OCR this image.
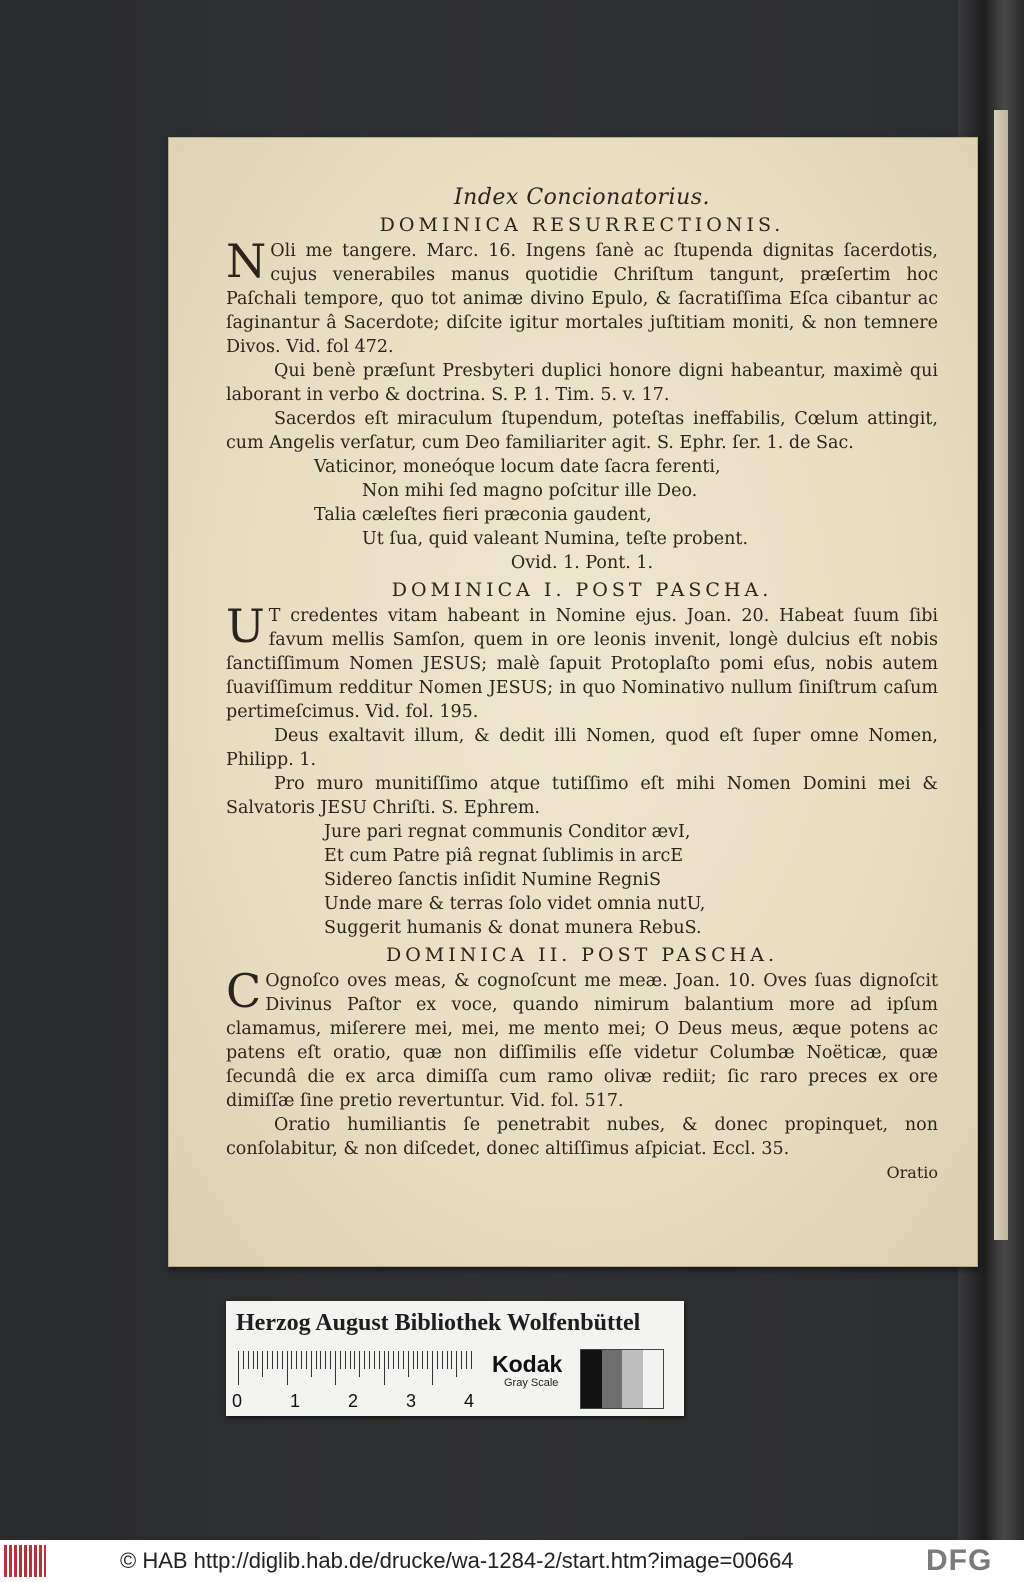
Index Concionatorius.
DOMINICA RESURRECTIONIS.

N Oli me tangere. Marc. 16. Ingens ſanè ac ſtupenda dignitas ſacerdotis, cujus venerabiles manus quotidie Chriſtum tangunt, præſertim hoc Paſchali tempore, quo tot animæ divino Epulo, & ſacratiſſima Eſca cibantur ac ſaginantur â Sacerdote; diſcite igitur mortales juſtitiam moniti, & non temnere Divos. Vid. fol 472.

Qui benè præſunt Presbyteri duplici honore digni habeantur, maximè qui laborant in verbo & doctrina. S. P. 1. Tim. 5. v. 17.

Sacerdos eſt miraculum ſtupendum, poteſtas ineffabilis, Cœlum attingit, cum Angelis verſatur, cum Deo familiariter agit. S. Ephr. ſer. 1. de Sac.

Vaticinor, moneóque locum date ſacra ferenti,
Non mihi ſed magno poſcitur ille Deo.
Talia cæleſtes fieri præconia gaudent,
Ut ſua, quid valeant Numina, teſte probent.
Ovid. 1. Pont. 1.
DOMINICA I. POST PASCHA.

U T credentes vitam habeant in Nomine ejus. Joan. 20. Habeat ſuum ſibi favum mellis Samſon, quem in ore leonis invenit, longè dulcius eſt nobis ſanctiſſimum Nomen JESUS; malè ſapuit Protoplaſto pomi eſus, nobis autem ſuaviſſimum redditur Nomen JESUS; in quo Nominativo nullum ſiniſtrum caſum pertimeſcimus. Vid. fol. 195.

Deus exaltavit illum, & dedit illi Nomen, quod eſt ſuper omne Nomen, Philipp. 1.

Pro muro munitiſſimo atque tutiſſimo eſt mihi Nomen Domini mei & Salvatoris JESU Chriſti. S. Ephrem.

Jure pari regnat communis Conditor ævI,
Et cum Patre piâ regnat ſublimis in arcE
Sidereo ſanctis inſidit Numine RegniS
Unde mare & terras ſolo videt omnia nutU,
Suggerit humanis & donat munera RebuS.
DOMINICA II. POST PASCHA.

C Ognoſco oves meas, & cognoſcunt me meæ. Joan. 10. Oves ſuas dignoſcit Divinus Paſtor ex voce, quando nimirum balantium more ad ipſum clamamus, miſerere mei, mei, me mento mei; O Deus meus, æque potens ac patens eſt oratio, quæ non diſſimilis eſſe videtur Columbæ Noëticæ, quæ ſecundâ die ex arca dimiſſa cum ramo olivæ rediit; ſic raro preces ex ore dimiſſæ ſine pretio revertuntur. Vid. fol. 517.

Oratio humiliantis ſe penetrabit nubes, & donec propinquet, non conſolabitur, & non diſcedet, donec altiſſimus aſpiciat. Eccl. 35.

Oratio
Herzog August Bibliothek Wolfenbüttel
0	1	2	3	4
Kodak
Gray Scale
© HAB http://diglib.hab.de/drucke/wa-1284-2/start.htm?image=00664	DFG
